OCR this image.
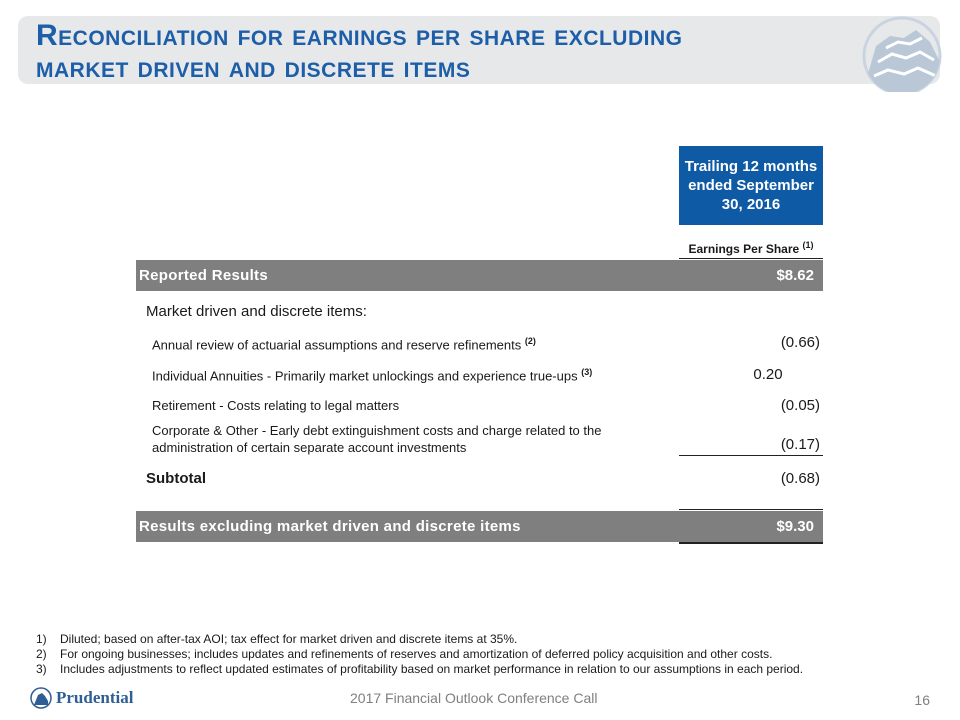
Reconciliation for earnings per share excluding market driven and discrete items
Trailing 12 months ended September 30, 2016
Earnings Per Share $^{(1)}$
Reported Results	$8.62
Market driven and discrete items:
Annual review of actuarial assumptions and reserve refinements $^{(2)}$	(0.66)
Individual Annuities - Primarily market unlockings and experience true-ups $^{(3)}$	0.20
Retirement - Costs relating to legal matters	(0.05)
Corporate & Other - Early debt extinguishment costs and charge related to the
administration of certain separate account investments	(0.17)
Subtotal	(0.68)
Results excluding market driven and discrete items	$9.30
1)	Diluted; based on after-tax AOI; tax effect for market driven and discrete items at 35%.
2)	For ongoing businesses; includes updates and refinements of reserves and amortization of deferred policy acquisition and other costs.
3)	Includes adjustments to reflect updated estimates of profitability based on market performance in relation to our assumptions in each period.
Prudential	2017 Financial Outlook Conference Call	16
